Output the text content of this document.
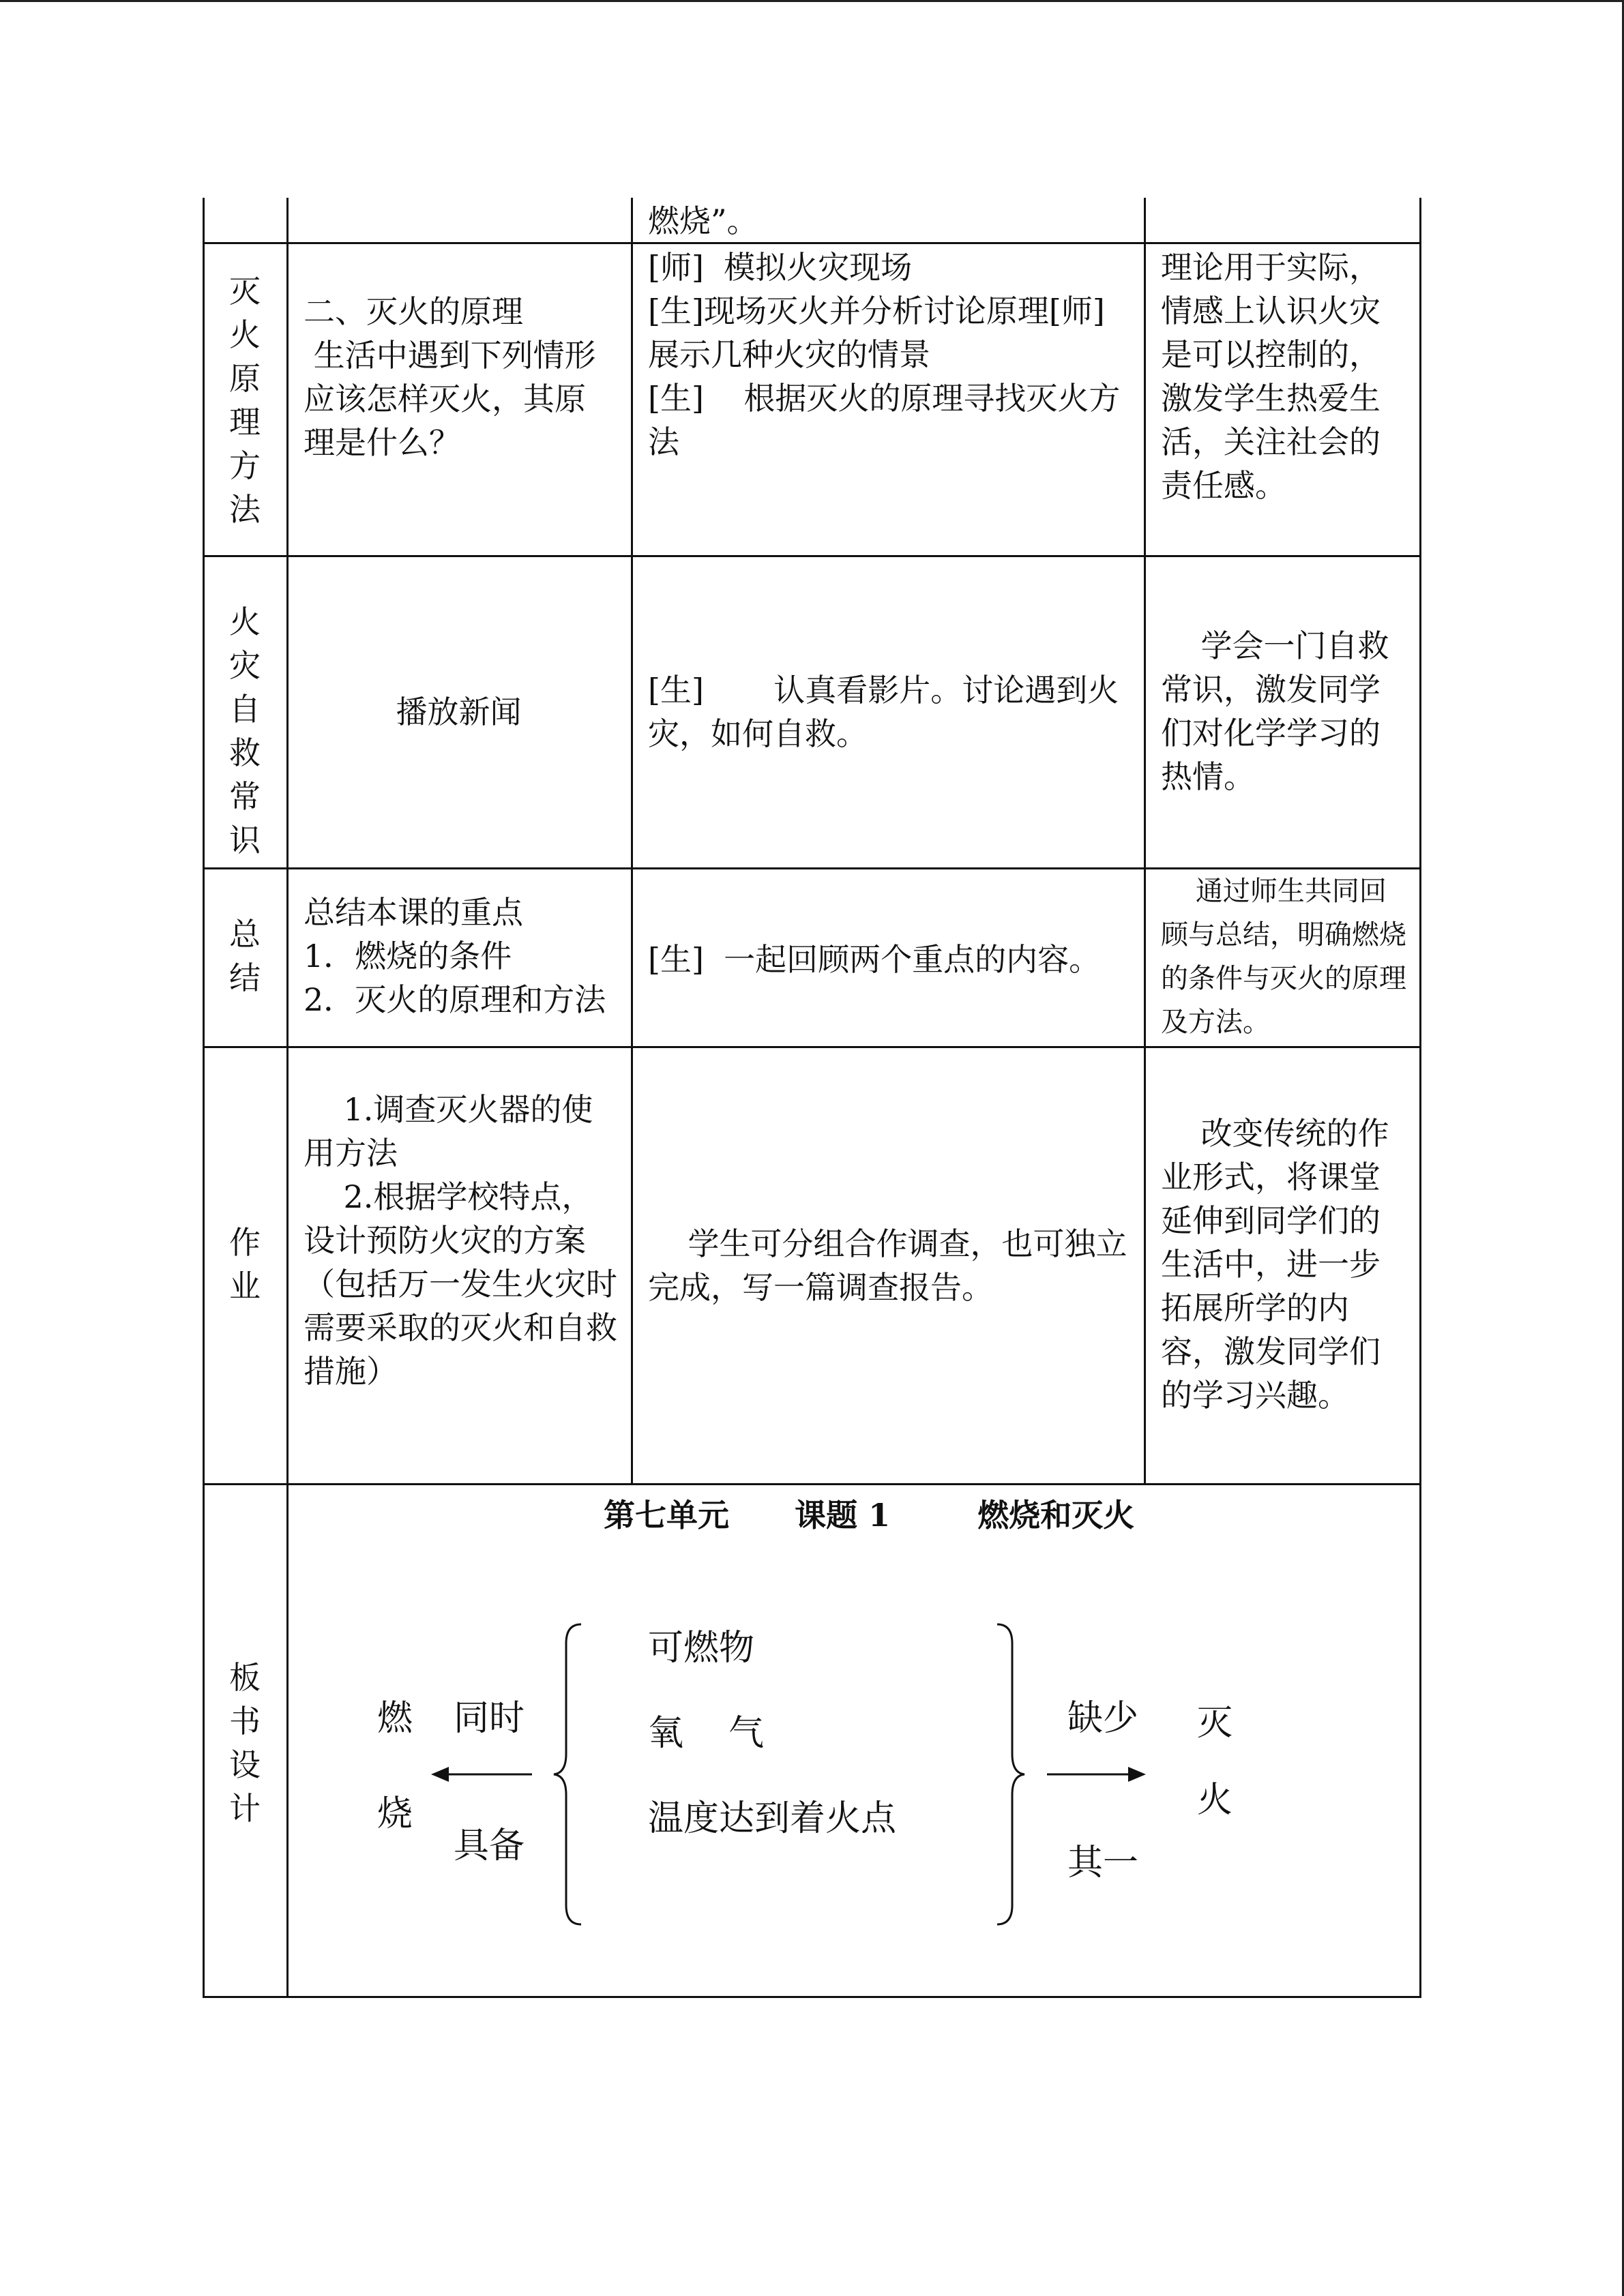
燃烧”。
灭火原理方法
二、灭火的原理
生活中遇到下列情形应该怎样灭火，其原理是什么？
[师]  模拟火灾现场
[生]现场灭火并分析讨论原理[师]展示几种火灾的情景
[生]    根据灭火的原理寻找灭火方法
理论用于实际，情感上认识火灾是可以控制的，激发学生热爱生活，关注社会的责任感。
火灾自救常识
播放新闻
[生]       认真看影片。讨论遇到火灾，如何自救。
学会一门自救常识，激发同学们对化学学习的热情。
总结
总结本课的重点
1．燃烧的条件
2．灭火的原理和方法
[生]  一起回顾两个重点的内容。
通过师生共同回顾与总结，明确燃烧的条件与灭火的原理及方法。
作业
1.调查灭火器的使用方法
2.根据学校特点，设计预防火灾的方案（包括万一发生火灾时需要采取的灭火和自救措施）
学生可分组合作调查，也可独立完成，写一篇调查报告。
改变传统的作业形式，将课堂延伸到同学们的生活中，进一步拓展所学的内容，激发同学们的学习兴趣。
板书设计
第七单元      课题 1        燃烧和灭火
燃
烧
同时
具备
可燃物
氧    气
温度达到着火点
缺少
其一
灭
火
